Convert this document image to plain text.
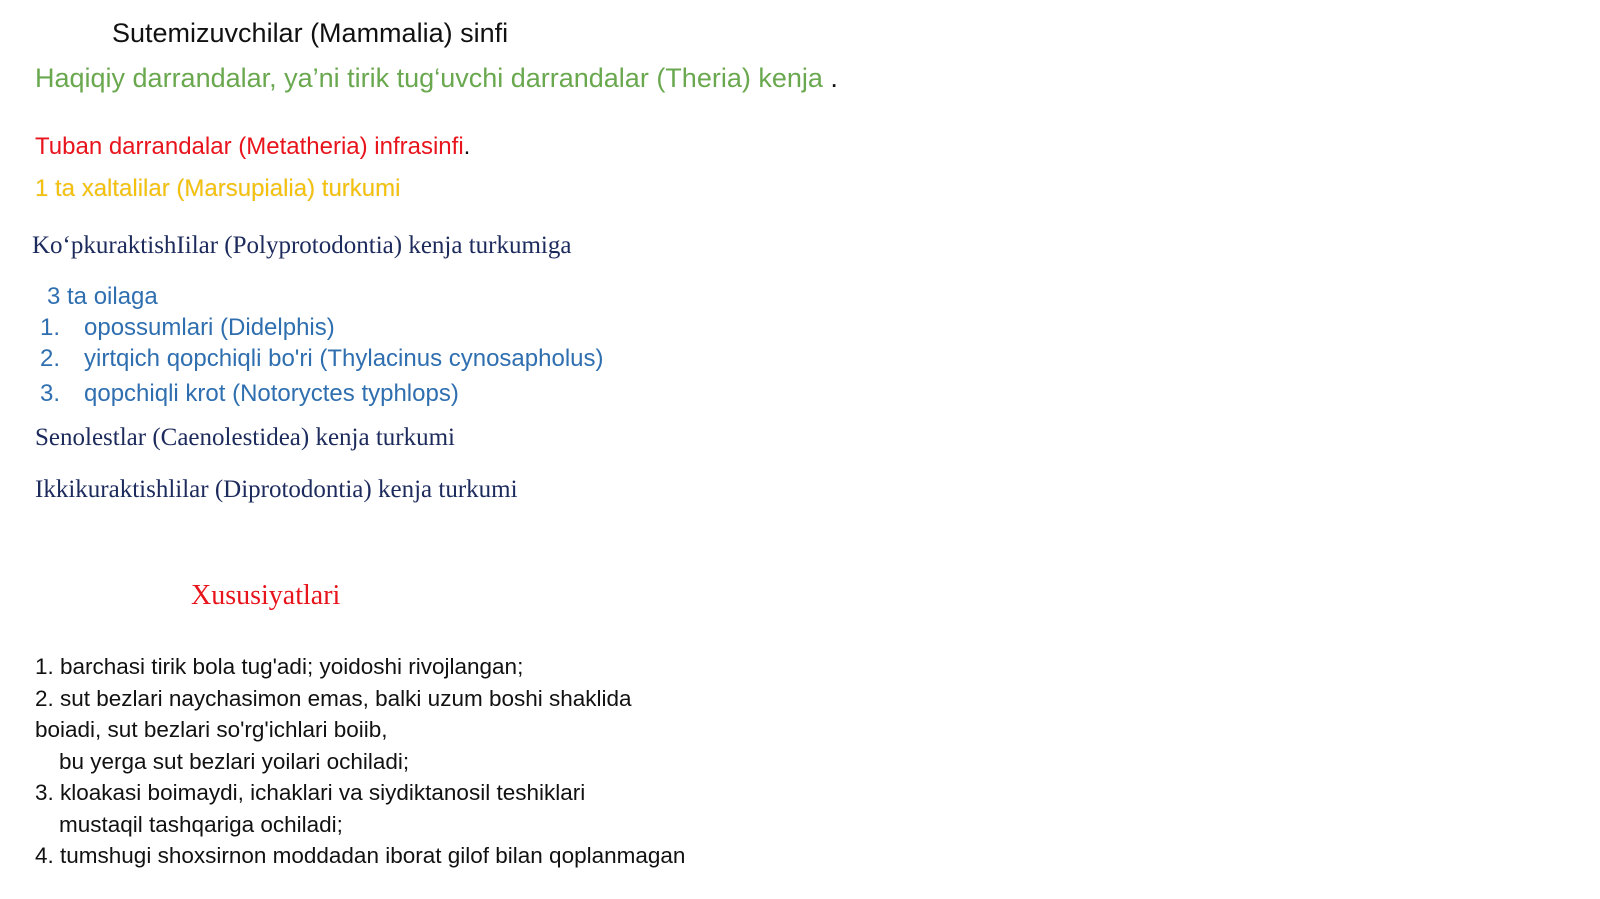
Sutemizuvchilar (Mammalia) sinfi
Haqiqiy darrandalar, ya’ni tirik tug‘uvchi darrandalar (Theria) kenja .
Tuban darrandalar (Metatheria) infrasinfi.
1 ta xaltalilar (Marsupialia) turkumi
Ko‘pkuraktishIilar (Polyprotodontia) kenja turkumiga
3 ta oilaga
1. opossumlari (Didelphis)
2. yirtqich qopchiqli bo'ri (Thylacinus cynosapholus)
3. qopchiqli krot (Notoryctes typhlops)
Senolestlar (Caenolestidea) kenja turkumi
Ikkikuraktishlilar (Diprotodontia) kenja turkumi
Xususiyatlari
1. barchasi tirik bola tug'adi; yoidoshi rivojlangan;
2. sut bezlari naychasimon emas, balki uzum boshi shaklida
boiadi, sut bezlari so'rg'ichlari boiib,
bu yerga sut bezlari yoilari ochiladi;
3. kloakasi boimaydi, ichaklari va siydiktanosil teshiklari
mustaqil tashqariga ochiladi;
4. tumshugi shoxsirnon moddadan iborat gilof bilan qoplanmagan
